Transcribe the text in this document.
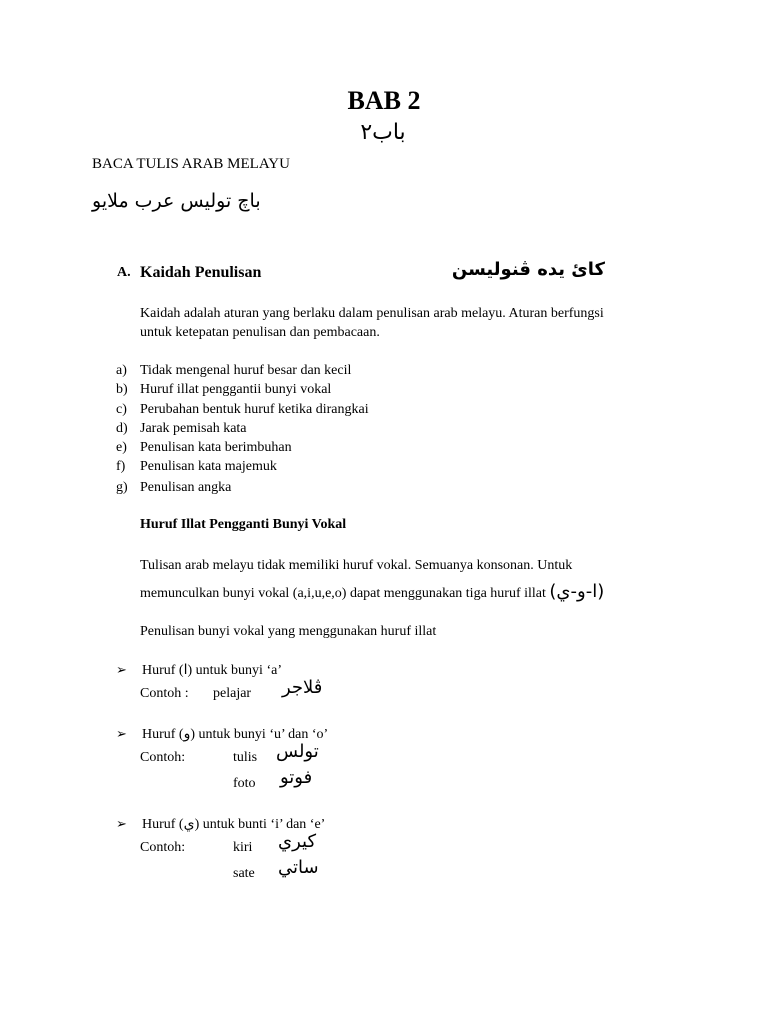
BAB 2
باب٢
BACA TULIS ARAB MELAYU
باچ توليس عرب ملايو
A. Kaidah Penulisan	کائ يده ڤنوليسن
Kaidah adalah aturan yang berlaku dalam penulisan arab melayu. Aturan berfungsi
untuk ketepatan penulisan dan pembacaan.
a) Tidak mengenal huruf besar dan kecil
b) Huruf illat penggantii bunyi vokal
c) Perubahan bentuk huruf ketika dirangkai
d) Jarak pemisah kata
e) Penulisan kata berimbuhan
f) Penulisan kata majemuk
g) Penulisan angka
Huruf Illat Pengganti Bunyi Vokal
Tulisan arab melayu tidak memiliki huruf vokal. Semuanya konsonan. Untuk
memunculkan bunyi vokal (a,i,u,e,o) dapat menggunakan tiga huruf illat (ا-و-ي)
Penulisan bunyi vokal yang menggunakan huruf illat
➢ Huruf (ا) untuk bunyi ‘a’
Contoh : pelajar ڤلاجر
➢ Huruf (و) untuk bunyi ‘u’ dan ‘o’
Contoh:	tulis تولس
foto فوتو
➢ Huruf (ي) untuk bunti ‘i’ dan ‘e’
Contoh:	kiri كيري
sate ساتي
